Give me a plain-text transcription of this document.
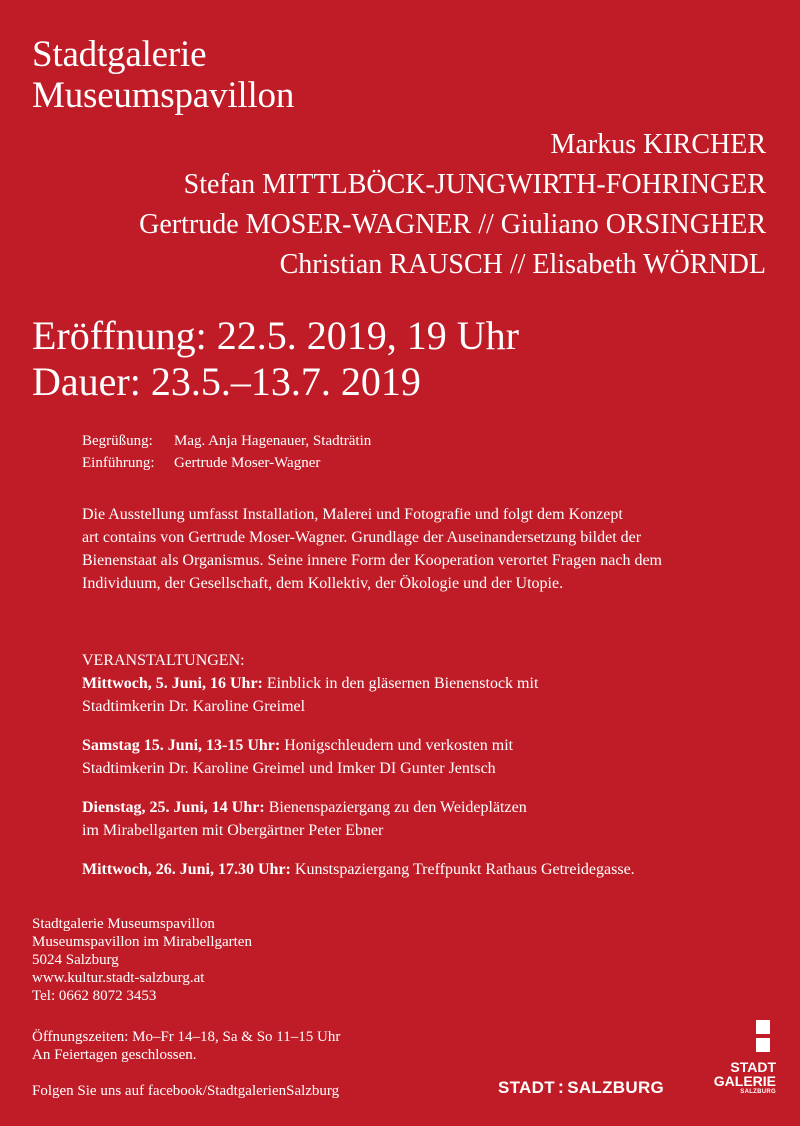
Stadtgalerie
Museumspavillon
Markus KIRCHER
Stefan MITTLBÖCK-JUNGWIRTH-FOHRINGER
Gertrude MOSER-WAGNER // Giuliano ORSINGHER
Christian RAUSCH // Elisabeth WÖRNDL
Eröffnung: 22.5. 2019, 19 Uhr
Dauer: 23.5.–13.7. 2019
Begrüßung: Mag. Anja Hagenauer, Stadträtin
Einführung: Gertrude Moser-Wagner
Die Ausstellung umfasst Installation, Malerei und Fotografie und folgt dem Konzept
art contains von Gertrude Moser-Wagner. Grundlage der Auseinandersetzung bildet der
Bienenstaat als Organismus. Seine innere Form der Kooperation verortet Fragen nach dem
Individuum, der Gesellschaft, dem Kollektiv, der Ökologie und der Utopie.
VERANSTALTUNGEN:
Mittwoch, 5. Juni, 16 Uhr: Einblick in den gläsernen Bienenstock mit
Stadtimkerin Dr. Karoline Greimel
Samstag 15. Juni, 13-15 Uhr: Honigschleudern und verkosten mit
Stadtimkerin Dr. Karoline Greimel und Imker DI Gunter Jentsch
Dienstag, 25. Juni, 14 Uhr: Bienenspaziergang zu den Weideplätzen
im Mirabellgarten mit Obergärtner Peter Ebner
Mittwoch, 26. Juni, 17.30 Uhr: Kunstspaziergang Treffpunkt Rathaus Getreidegasse.
Stadtgalerie Museumspavillon
Museumspavillon im Mirabellgarten
5024 Salzburg
www.kultur.stadt-salzburg.at
Tel: 0662 8072 3453
Öffnungszeiten: Mo–Fr 14–18, Sa & So 11–15 Uhr
An Feiertagen geschlossen.
Folgen Sie uns auf facebook/StadtgalerienSalzburg	STADT : SALZBURG
STADT
GALERIE
SALZBURG
